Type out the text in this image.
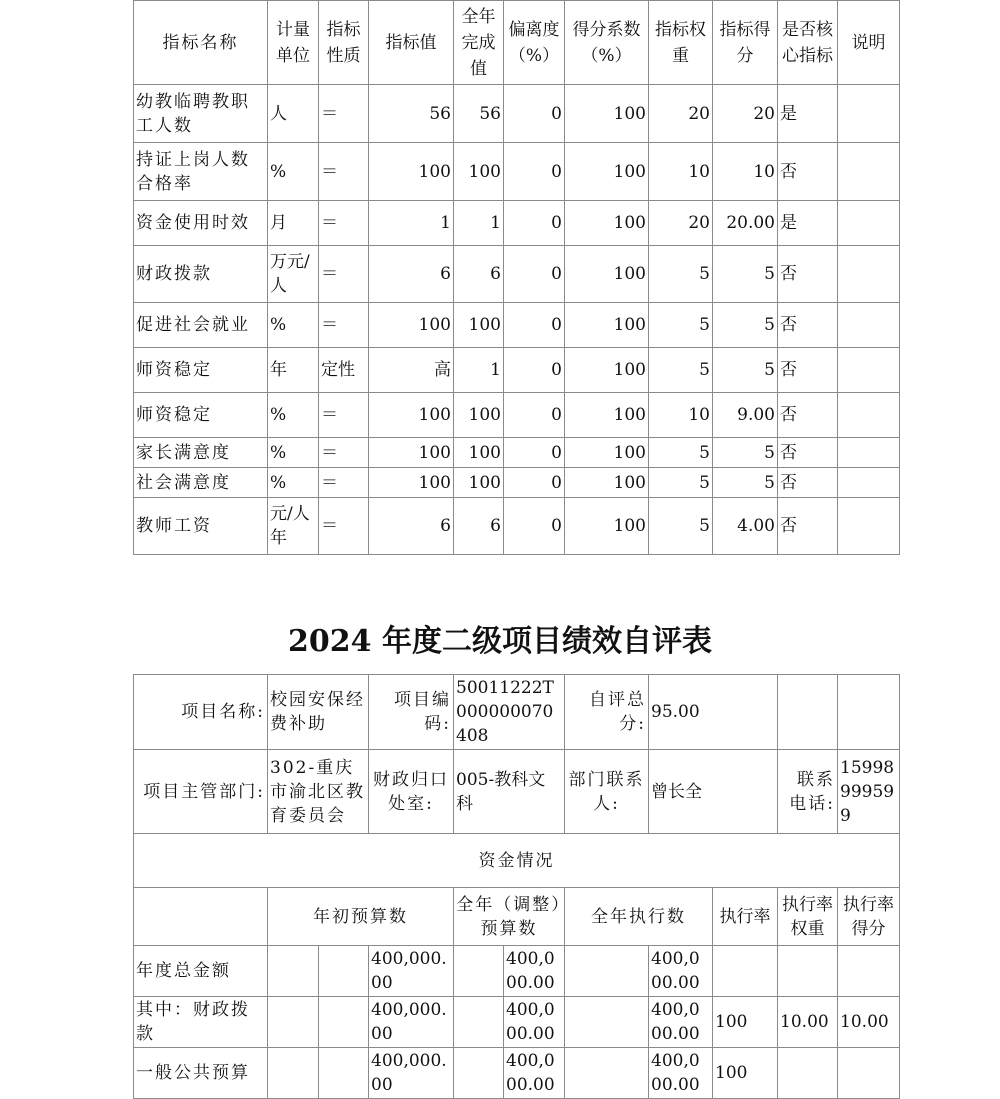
指标名称	计量单位	指标性质	指标值	全年完成值	偏离度（%）	得分系数（%）	指标权重	指标得分	是否核心指标	说明
幼教临聘教职工人数	人	＝	56	56	0	100	20	20	是	
持证上岗人数合格率	%	＝	100	100	0	100	10	10	否	
资金使用时效	月	＝	1	1	0	100	20	20.00	是	
财政拨款	万元/人	＝	6	6	0	100	5	5	否	
促进社会就业	%	＝	100	100	0	100	5	5	否	
师资稳定	年	定性	高	1	0	100	5	5	否	
师资稳定	%	＝	100	100	0	100	10	9.00	否	
家长满意度	%	＝	100	100	0	100	5	5	否	
社会满意度	%	＝	100	100	0	100	5	5	否	
教师工资	元/人年	＝	6	6	0	100	5	4.00	否	
2024 年度二级项目绩效自评表
项目名称:	校园安保经费补助		项目编码:	50011222T000000070408		自评总分:	95.00			
项目主管部门:	302-重庆市渝北区教育委员会		财政归口处室:	005-教科文科		部门联系人:	曾长全		联系电话:	15998999599
资金情况										
	年初预算数			全年（调整）预算数		全年执行数		执行率	执行率权重	执行率得分
年度总金额			400,000.00		400,000.00		400,000.00			
其中：财政拨款			400,000.00		400,000.00		400,000.00	100	10.00	10.00
一般公共预算			400,000.00		400,000.00		400,000.00	100		
